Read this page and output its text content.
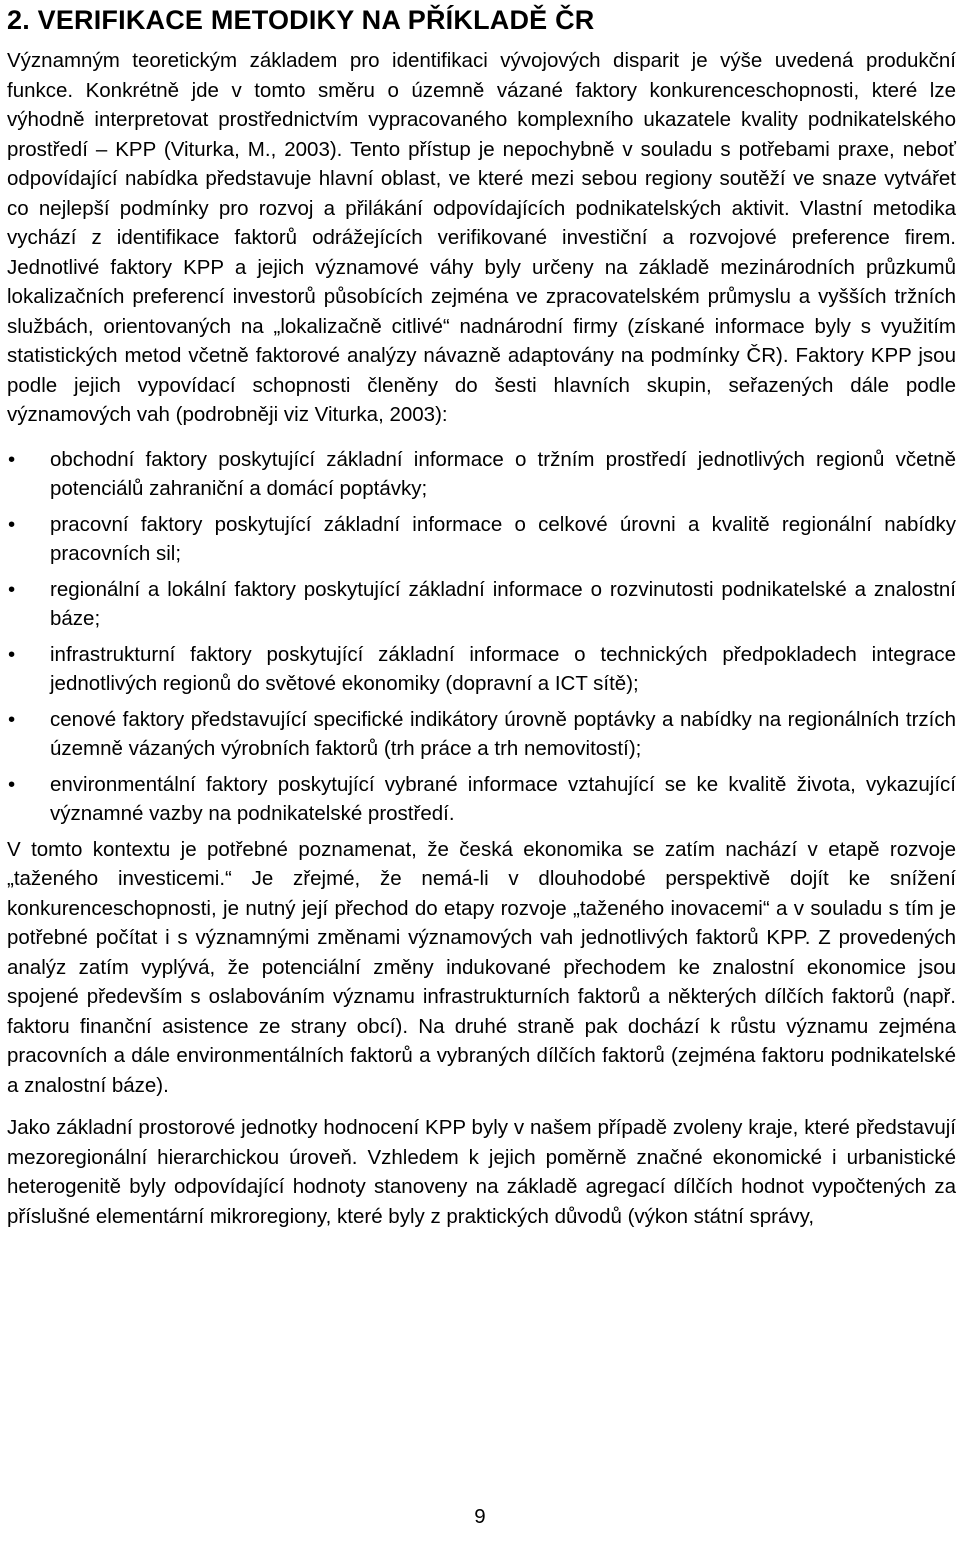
2. VERIFIKACE METODIKY NA PŘÍKLADĚ ČR

Významným teoretickým základem pro identifikaci vývojových disparit je výše uvedená produkční funkce. Konkrétně jde v tomto směru o územně vázané faktory konkurenceschopnosti, které lze výhodně interpretovat prostřednictvím vypracovaného komplexního ukazatele kvality podnikatelského prostředí – KPP (Viturka, M., 2003). Tento přístup je nepochybně v souladu s potřebami praxe, neboť odpovídající nabídka představuje hlavní oblast, ve které mezi sebou regiony soutěží ve snaze vytvářet co nejlepší podmínky pro rozvoj a přilákání odpovídajících podnikatelských aktivit. Vlastní metodika vychází z identifikace faktorů odrážejících verifikované investiční a rozvojové preference firem. Jednotlivé faktory KPP a jejich významové váhy byly určeny na základě mezinárodních průzkumů lokalizačních preferencí investorů působících zejména ve zpracovatelském průmyslu a vyšších tržních službách, orientovaných na „lokalizačně citlivé“ nadnárodní firmy (získané informace byly s využitím statistických metod včetně faktorové analýzy návazně adaptovány na podmínky ČR). Faktory KPP jsou podle jejich vypovídací schopnosti členěny do šesti hlavních skupin, seřazených dále podle významových vah (podrobněji viz Viturka, 2003):

•	obchodní faktory poskytující základní informace o tržním prostředí jednotlivých regionů včetně potenciálů zahraniční a domácí poptávky;
•	pracovní faktory poskytující základní informace o celkové úrovni a kvalitě regionální nabídky pracovních sil;
•	regionální a lokální faktory poskytující základní informace o rozvinutosti podnikatelské a znalostní báze;
•	infrastrukturní faktory poskytující základní informace o technických předpokladech integrace jednotlivých regionů do světové ekonomiky (dopravní a ICT sítě);
•	cenové faktory představující specifické indikátory úrovně poptávky a nabídky na regionálních trzích územně vázaných výrobních faktorů (trh práce a trh nemovitostí);
•	environmentální faktory poskytující vybrané informace vztahující se ke kvalitě života, vykazující významné vazby na podnikatelské prostředí.

V tomto kontextu je potřebné poznamenat, že česká ekonomika se zatím nachází v etapě rozvoje „taženého investicemi.“ Je zřejmé, že nemá-li v dlouhodobé perspektivě dojít ke snížení konkurenceschopnosti, je nutný její přechod do etapy rozvoje „taženého inovacemi“ a v souladu s tím je potřebné počítat i s významnými změnami významových vah jednotlivých faktorů KPP. Z provedených analýz zatím vyplývá, že potenciální změny indukované přechodem ke znalostní ekonomice jsou spojené především s oslabováním významu infrastrukturních faktorů a některých dílčích faktorů (např. faktoru finanční asistence ze strany obcí). Na druhé straně pak dochází k růstu významu zejména pracovních a dále environmentálních faktorů a vybraných dílčích faktorů (zejména faktoru podnikatelské a znalostní báze).

Jako základní prostorové jednotky hodnocení KPP byly v našem případě zvoleny kraje, které představují mezoregionální hierarchickou úroveň. Vzhledem k jejich poměrně značné ekonomické i urbanistické heterogenitě byly odpovídající hodnoty stanoveny na základě agregací dílčích hodnot vypočtených za příslušné elementární mikroregiony, které byly z praktických důvodů (výkon státní správy,

9
